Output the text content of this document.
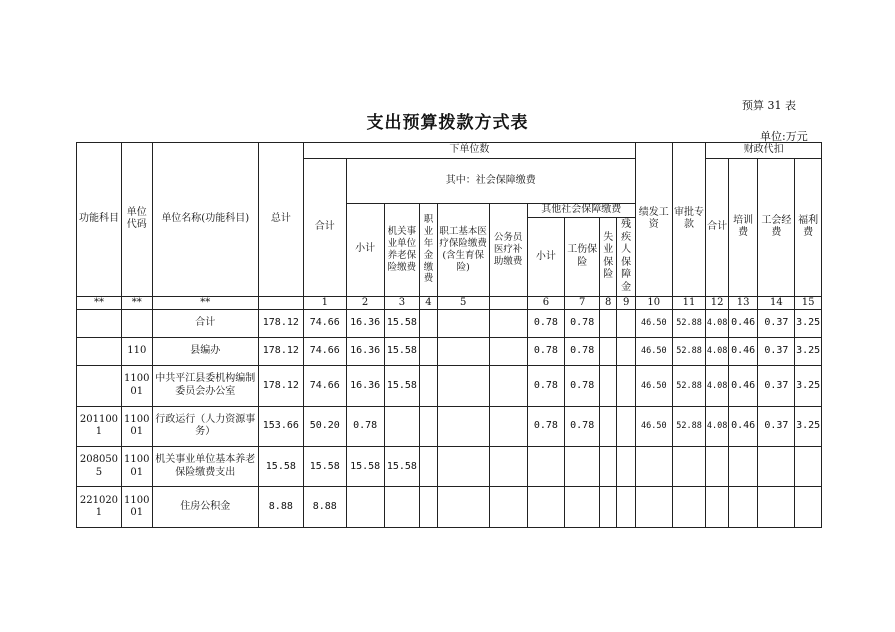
预算 31 表
支出预算拨款方式表
单位:万元
功能科目	单位代码	单位名称(功能科目)	总计	下单位数										绩发工资	审批专款	财政代扣			
				合计	其中：社会保障缴费											合计	培训费	工会经费	福利费
					小计	机关事业单位养老保险缴费	职业年金缴费	职工基本医疗保险缴费(含生育保险)	公务员医疗补助缴费	其他社会保障缴费									
										小计	工伤保险	失业保险	残疾人保障金						
**	**	**		1	2	3	4	5		6	7	8	9	10	11	12	13	14	15
		合计	178.12	74.66	16.36	15.58				0.78	0.78			46.50	52.88	4.08	0.46	0.37	3.25
	110	县编办	178.12	74.66	16.36	15.58				0.78	0.78			46.50	52.88	4.08	0.46	0.37	3.25
	110001	中共平江县委机构编制委员会办公室	178.12	74.66	16.36	15.58				0.78	0.78			46.50	52.88	4.08	0.46	0.37	3.25
2011001	110001	行政运行（人力资源事务）	153.66	50.20	0.78					0.78	0.78			46.50	52.88	4.08	0.46	0.37	3.25
2080505	110001	机关事业单位基本养老保险缴费支出	15.58	15.58	15.58	15.58													
2210201	110001	住房公积金	8.88	8.88															
